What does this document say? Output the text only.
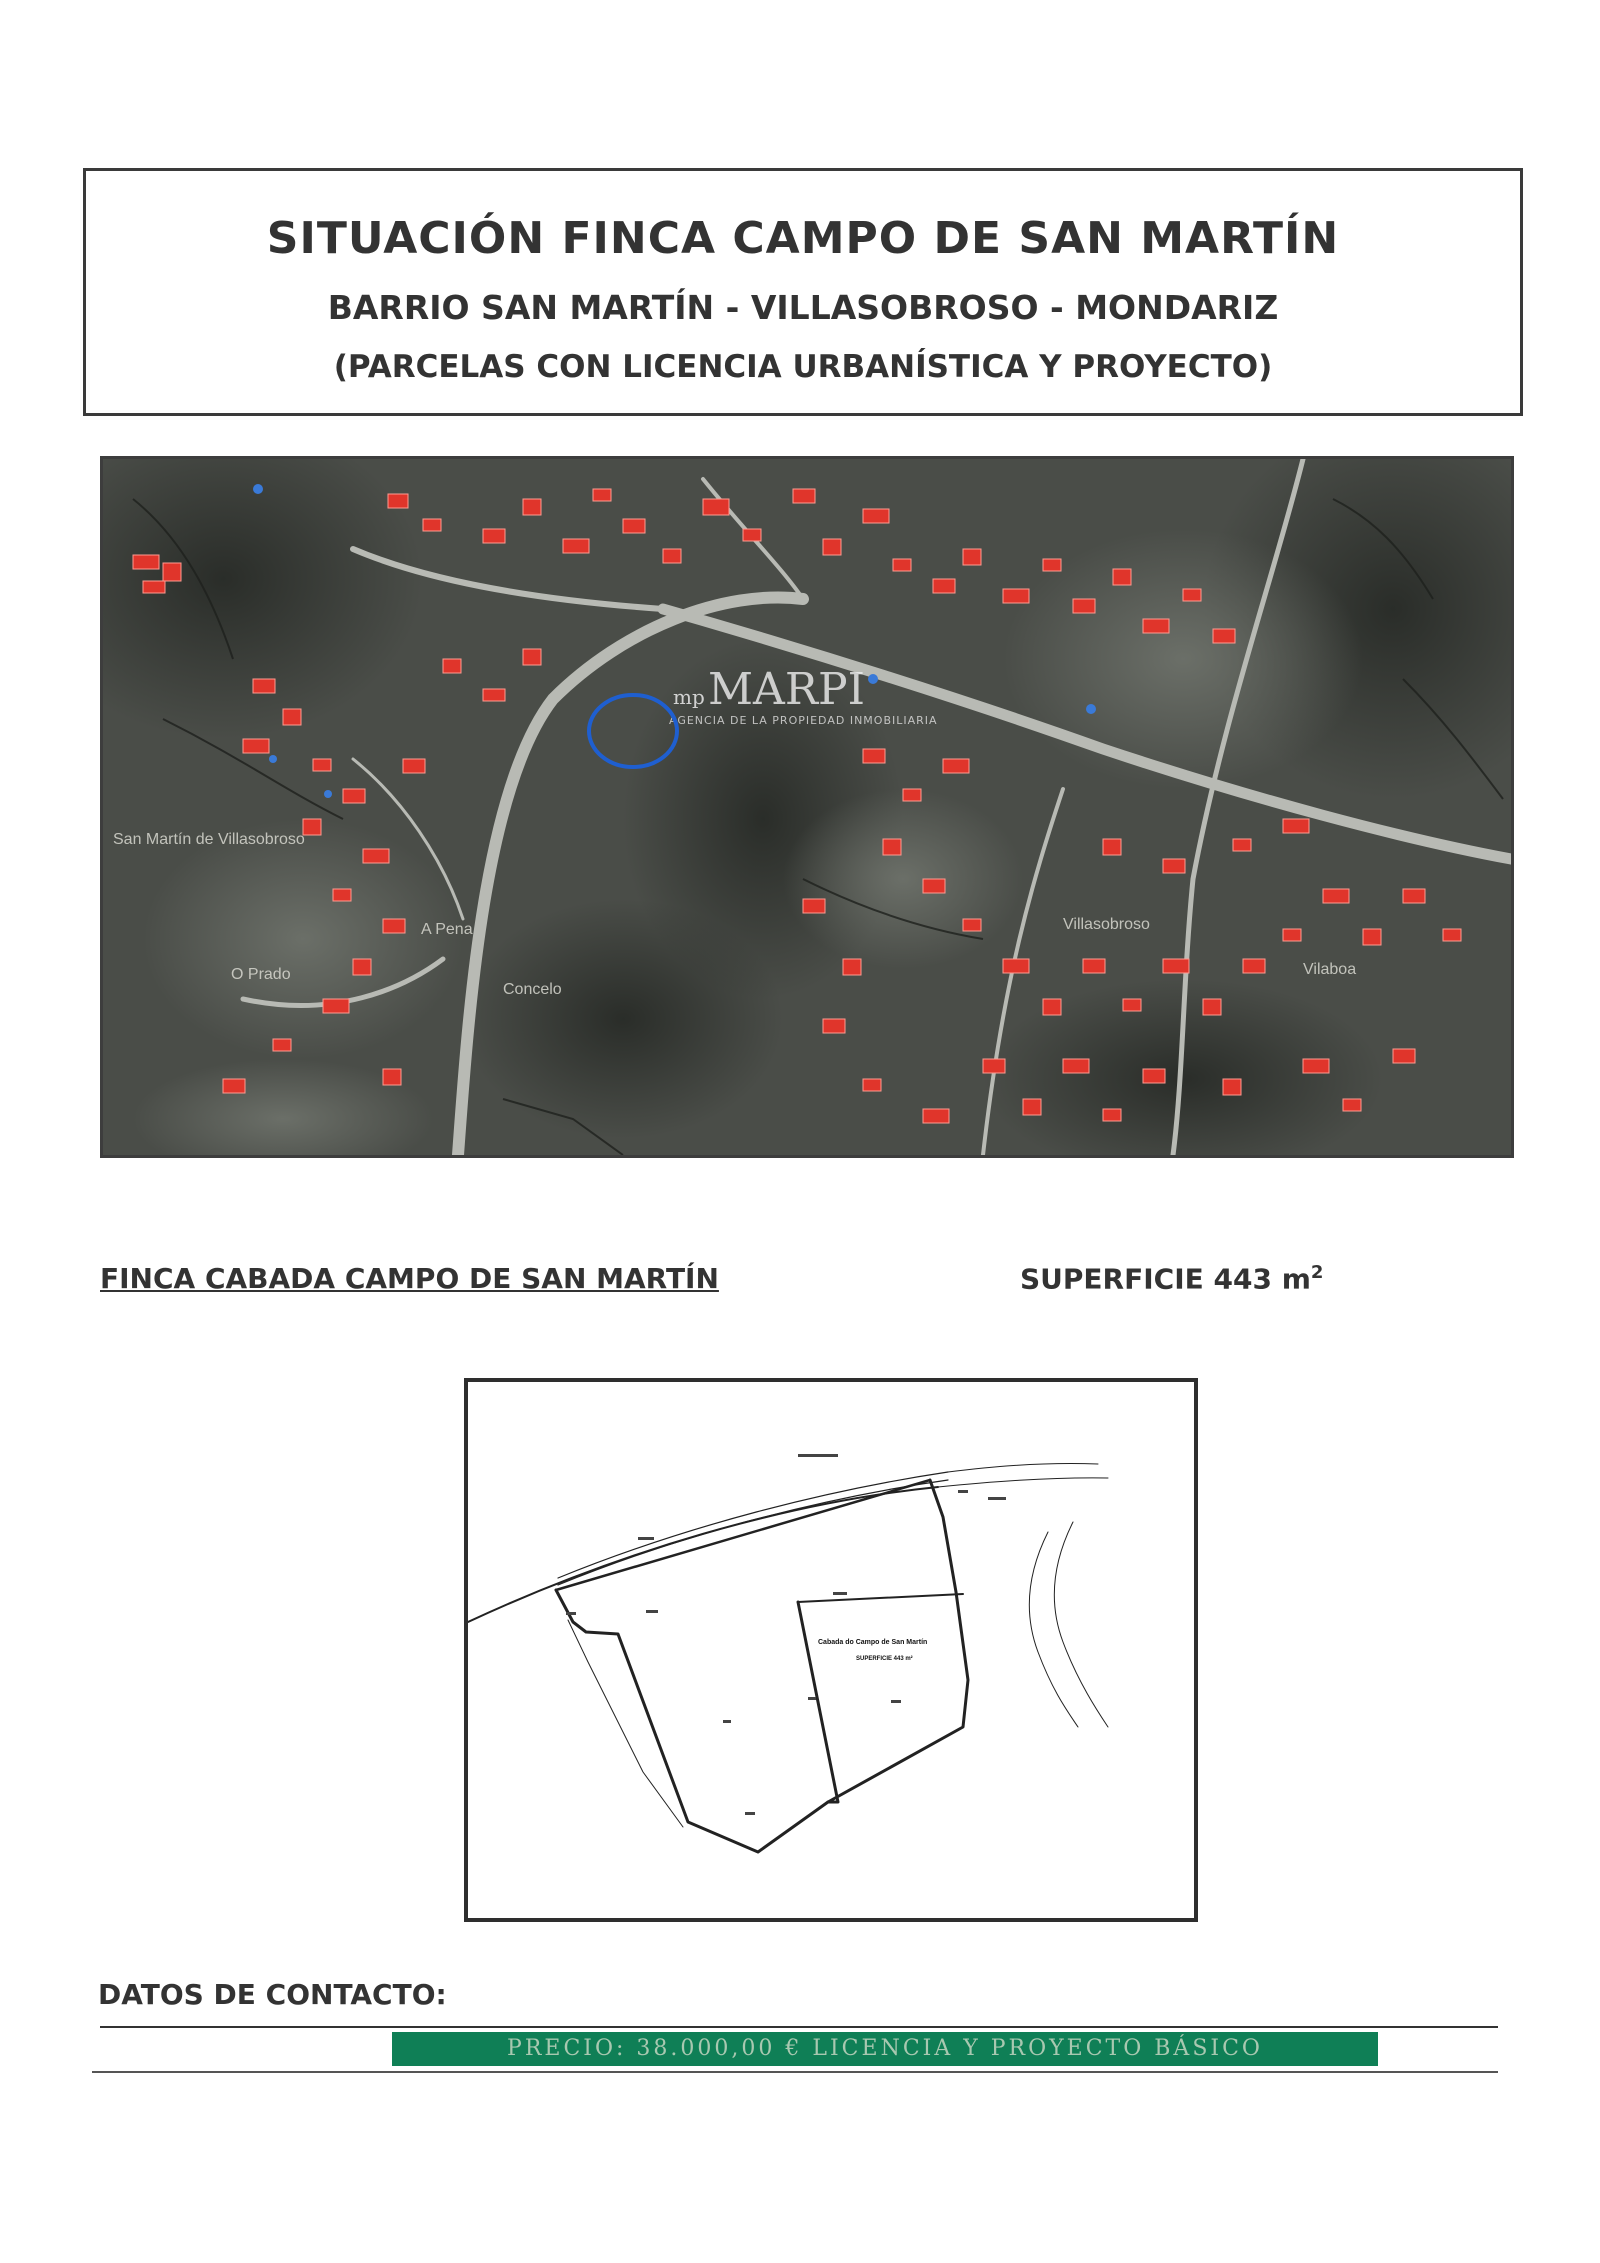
SITUACIÓN FINCA CAMPO DE SAN MARTÍN
BARRIO SAN MARTÍN - VILLASOBROSO - MONDARIZ
(PARCELAS CON LICENCIA URBANÍSTICA Y PROYECTO)
San Martín de Villasobroso
O Prado
A Pena
Concelo
Villasobroso
Vilaboa
mp MARPI
AGENCIA DE LA PROPIEDAD INMOBILIARIA
FINCA CABADA CAMPO DE SAN MARTÍN	SUPERFICIE 443 $m^2$
Cabada do Campo de San Martín
SUPERFICIE 443 m²
DATOS DE CONTACTO:
PRECIO: 38.000,00 € LICENCIA Y PROYECTO BÁSICO
